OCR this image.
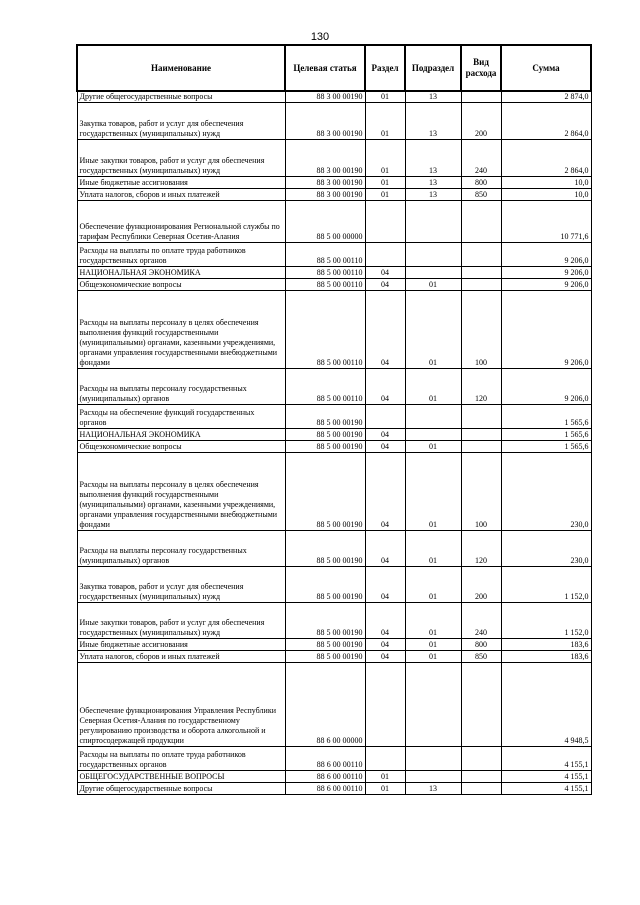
130
Наименование	Целевая статья	Раздел	Подраздел	Вид расхода	Сумма
Другие общегосударственные вопросы	88 3 00 00190	01	13		2 874,0
Закупка товаров, работ и услуг для обеспечения государственных (муниципальных) нужд	88 3 00 00190	01	13	200	2 864,0
Иные закупки товаров, работ и услуг для обеспечения государственных (муниципальных) нужд	88 3 00 00190	01	13	240	2 864,0
Иные бюджетные ассигнования	88 3 00 00190	01	13	800	10,0
Уплата налогов, сборов и иных платежей	88 3 00 00190	01	13	850	10,0
Обеспечение функционирования Региональной службы по тарифам Республики Северная Осетия-Алания	88 5 00 00000				10 771,6
Расходы на выплаты по оплате труда работников государственных органов	88 5 00 00110				9 206,0
НАЦИОНАЛЬНАЯ ЭКОНОМИКА	88 5 00 00110	04			9 206,0
Общеэкономические вопросы	88 5 00 00110	04	01		9 206,0
Расходы на выплаты персоналу в целях обеспечения выполнения функций государственными (муниципальными) органами, казенными учреждениями, органами управления государственными внебюджетными фондами	88 5 00 00110	04	01	100	9 206,0
Расходы на выплаты персоналу государственных (муниципальных) органов	88 5 00 00110	04	01	120	9 206,0
Расходы на обеспечение функций государственных органов	88 5 00 00190				1 565,6
НАЦИОНАЛЬНАЯ ЭКОНОМИКА	88 5 00 00190	04			1 565,6
Общеэкономические вопросы	88 5 00 00190	04	01		1 565,6
Расходы на выплаты персоналу в целях обеспечения выполнения функций государственными (муниципальными) органами, казенными учреждениями, органами управления государственными внебюджетными фондами	88 5 00 00190	04	01	100	230,0
Расходы на выплаты персоналу государственных (муниципальных) органов	88 5 00 00190	04	01	120	230,0
Закупка товаров, работ и услуг для обеспечения государственных (муниципальных) нужд	88 5 00 00190	04	01	200	1 152,0
Иные закупки товаров, работ и услуг для обеспечения государственных (муниципальных) нужд	88 5 00 00190	04	01	240	1 152,0
Иные бюджетные ассигнования	88 5 00 00190	04	01	800	183,6
Уплата налогов, сборов и иных платежей	88 5 00 00190	04	01	850	183,6
Обеспечение функционирования Управления Республики Северная Осетия-Алания по государственному регулированию производства и оборота алкогольной и спиртосодержащей продукции	88 6 00 00000				4 948,5
Расходы на выплаты по оплате труда работников государственных органов	88 6 00 00110				4 155,1
ОБЩЕГОСУДАРСТВЕННЫЕ ВОПРОСЫ	88 6 00 00110	01			4 155,1
Другие общегосударственные вопросы	88 6 00 00110	01	13		4 155,1
